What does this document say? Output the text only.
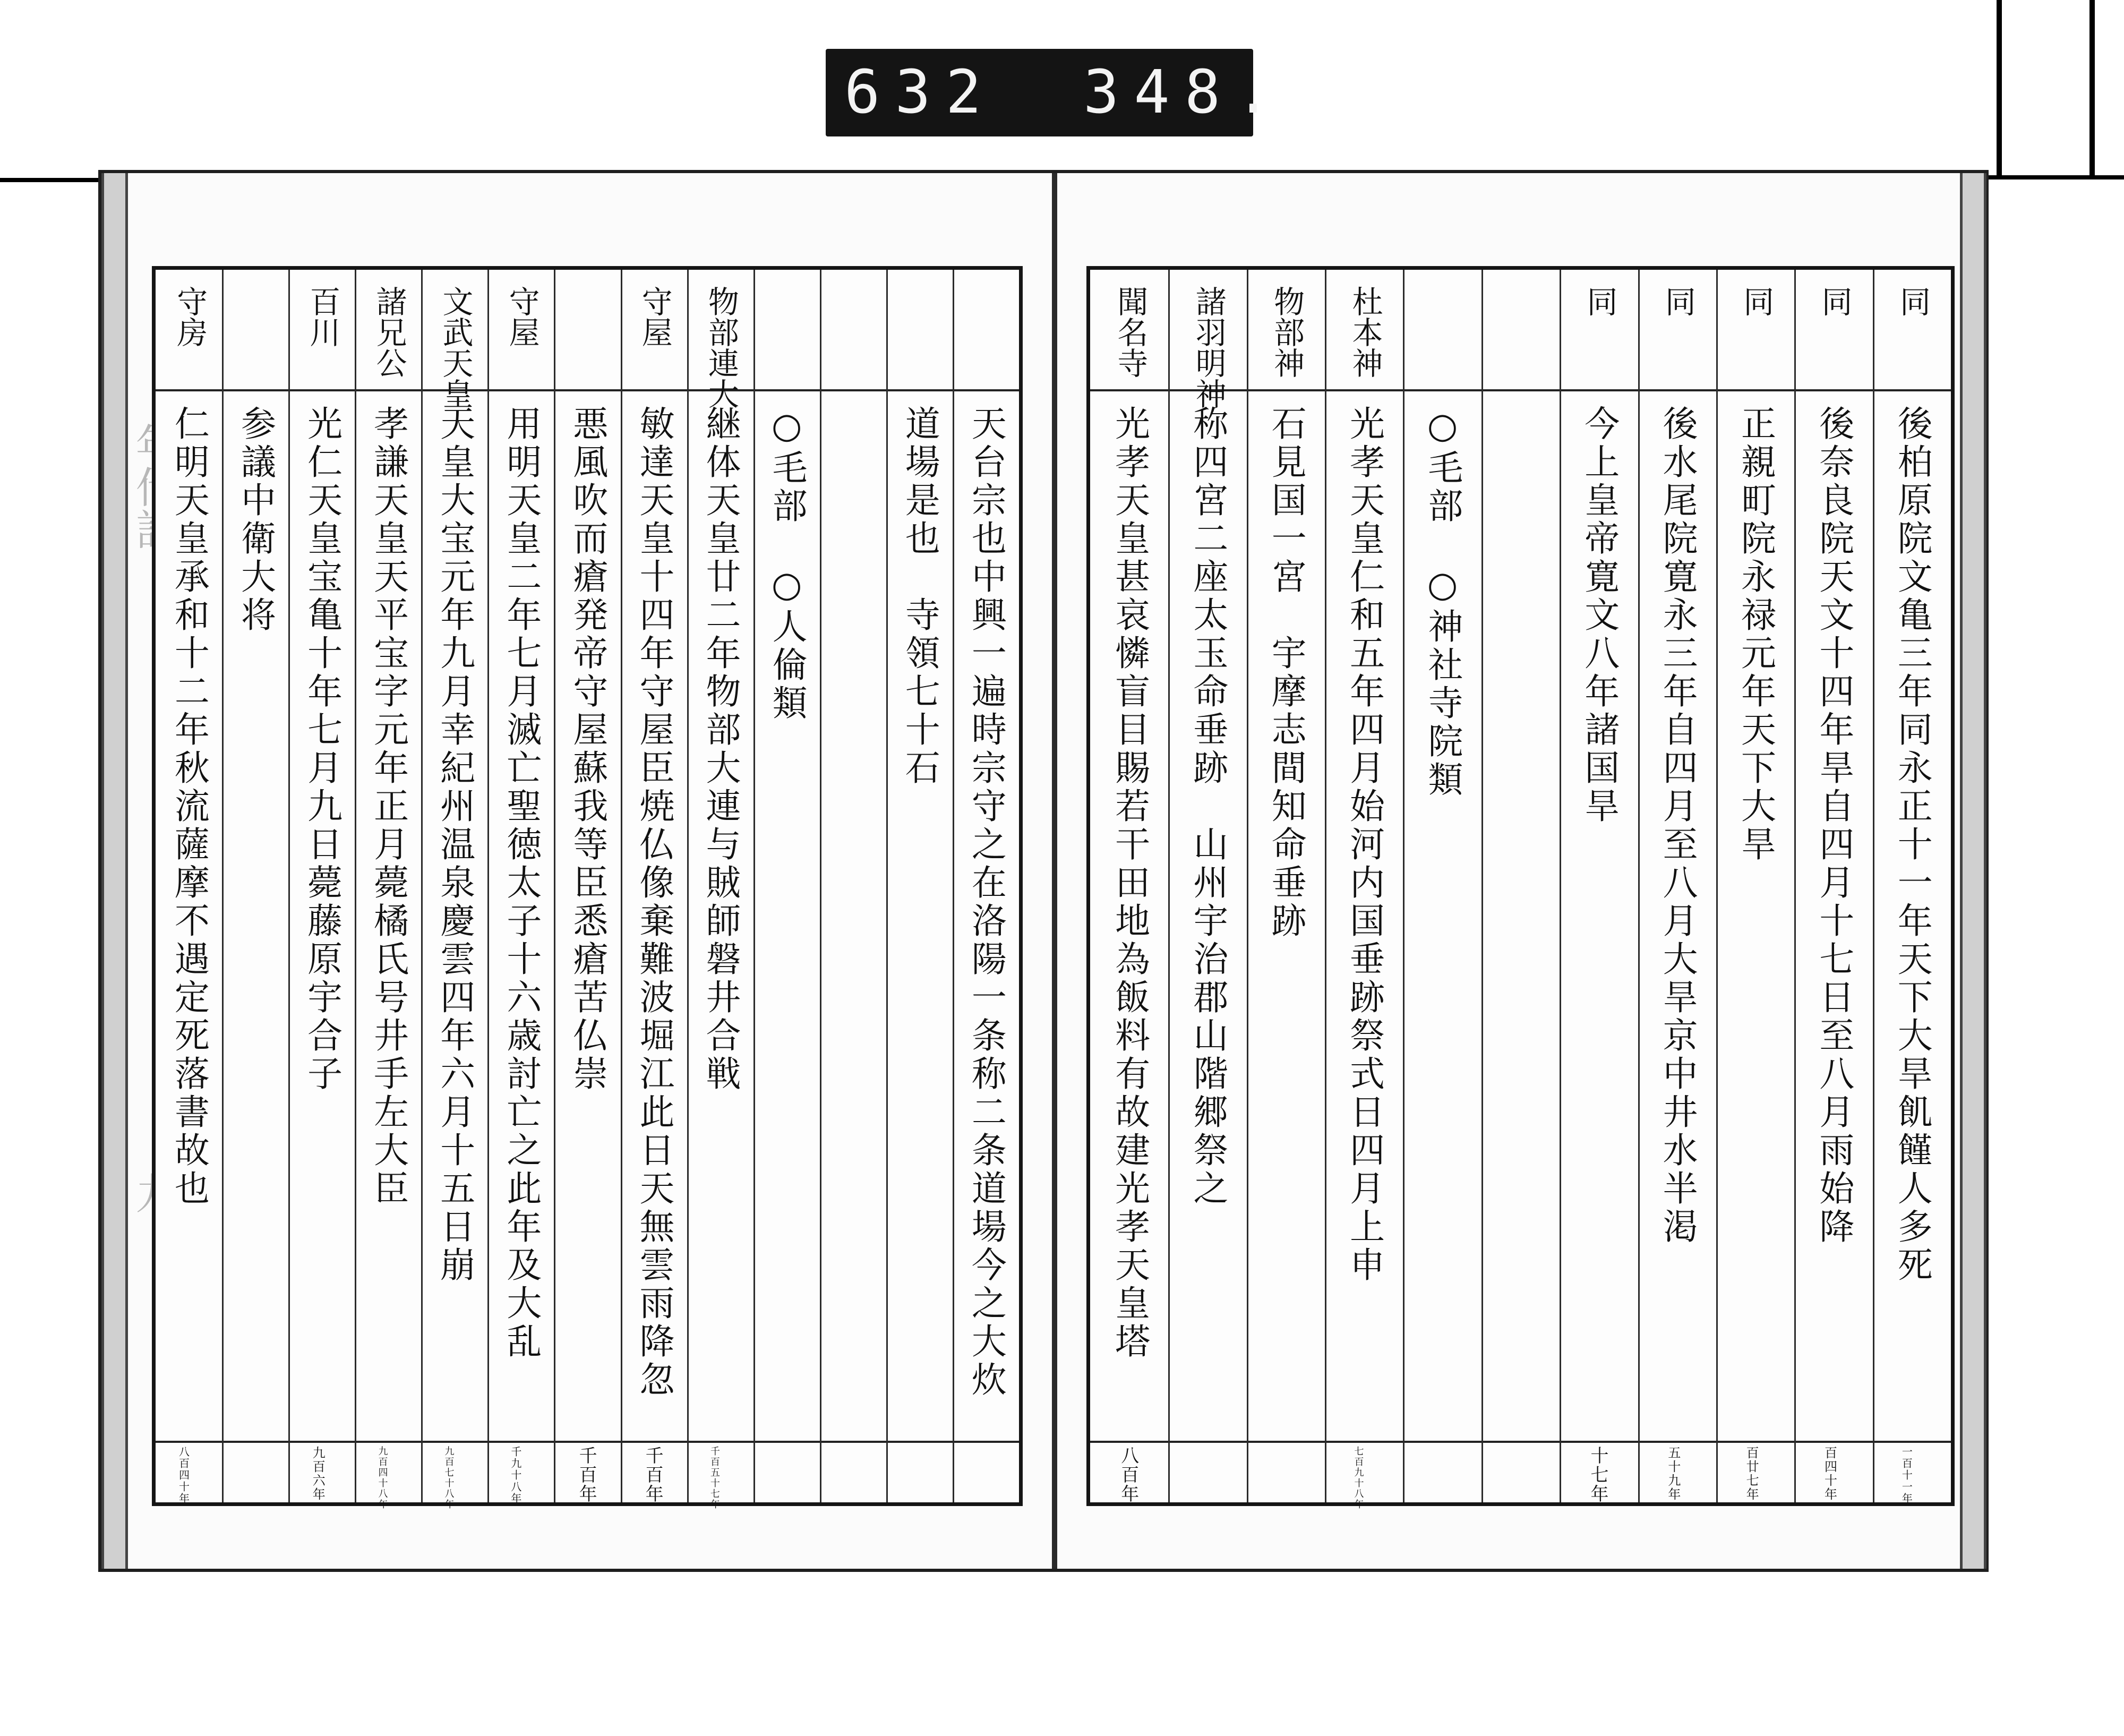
632 348.
天台宗也中興一遍時宗守之在洛陽一条称二条道場今之大炊
道場是也　寺領七十石
○毛部　○人倫類
物部連大
継体天皇廿二年物部大連与賊師磐井合戦
千百五十七年
守屋
敏達天皇十四年守屋臣焼仏像棄難波堀江此日天無雲雨降忽
千百年
悪風吹而瘡発帝守屋蘇我等臣悉瘡苦仏崇
千百年
守屋
用明天皇二年七月滅亡聖徳太子十六歳討亡之此年及大乱
千九十八年
文武天皇
天皇大宝元年九月幸紀州温泉慶雲四年六月十五日崩
九百七十八年
諸兄公
孝謙天皇天平宝字元年正月薨橘氏号井手左大臣
九百四十八年
百川
光仁天皇宝亀十年七月九日薨藤原宇合子
九百六年
参議中衛大将
守房
仁明天皇承和十二年秋流薩摩不遇定死落書故也
八百四十年
同
後柏原院文亀三年同永正十一年天下大旱飢饉人多死
一百十一年
同
後奈良院天文十四年旱自四月十七日至八月雨始降
百四十年
同
正親町院永禄元年天下大旱
百廿七年
同
後水尾院寛永三年自四月至八月大旱京中井水半渇
五十九年
同
今上皇帝寛文八年諸国旱
十七年
○毛部　○神社寺院類
杜本神
光孝天皇仁和五年四月始河内国垂跡祭式日四月上申
七百九十八年
物部神
石見国一宮　宇摩志間知命垂跡
諸羽明神
称四宮二座太玉命垂跡　山州宇治郡山階郷祭之
聞名寺
光孝天皇甚哀憐盲目賜若干田地為飯料有故建光孝天皇塔
八百年
